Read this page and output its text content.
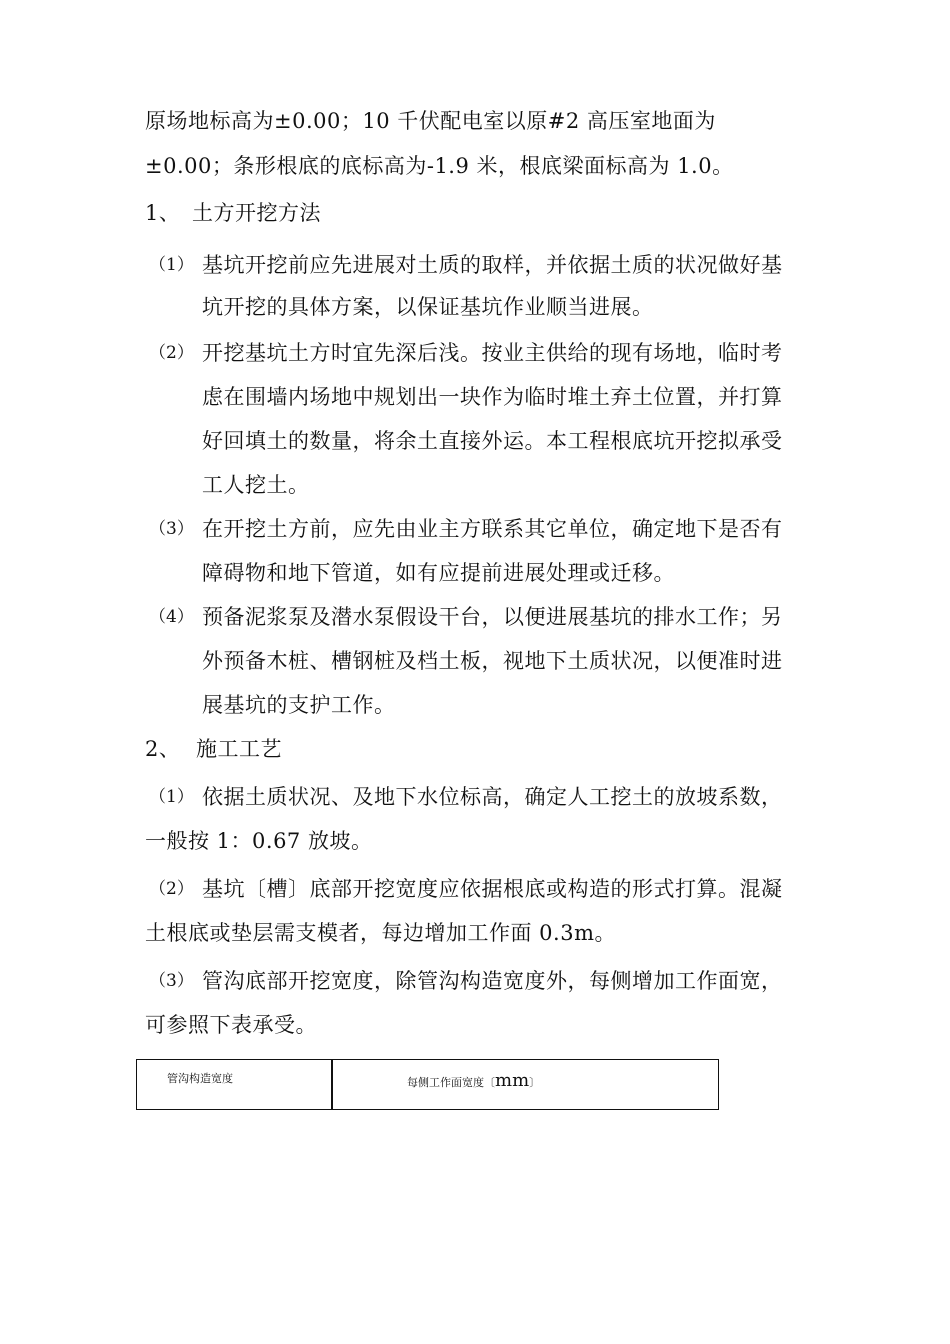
原场地标高为±0.00；10 千伏配电室以原#2 高压室地面为
±0.00；条形根底的底标高为-1.9 米，根底梁面标高为 1.0。
1、 土方开挖方法
（1） 基坑开挖前应先进展对土质的取样，并依据土质的状况做好基
坑开挖的具体方案，以保证基坑作业顺当进展。
（2） 开挖基坑土方时宜先深后浅。按业主供给的现有场地，临时考
虑在围墙内场地中规划出一块作为临时堆土弃土位置，并打算
好回填土的数量，将余土直接外运。本工程根底坑开挖拟承受
工人挖土。
（3） 在开挖土方前，应先由业主方联系其它单位，确定地下是否有
障碍物和地下管道，如有应提前进展处理或迁移。
（4） 预备泥浆泵及潜水泵假设干台，以便进展基坑的排水工作；另
外预备木桩、槽钢桩及档土板，视地下土质状况，以便准时进
展基坑的支护工作。
2、 施工工艺
（1） 依据土质状况、及地下水位标高，确定人工挖土的放坡系数，
一般按 1：0.67 放坡。
（2） 基坑〔槽〕底部开挖宽度应依据根底或构造的形式打算。混凝
土根底或垫层需支模者，每边增加工作面 0.3m。
（3） 管沟底部开挖宽度，除管沟构造宽度外，每侧增加工作面宽，
可参照下表承受。
管沟构造宽度	每侧工作面宽度〔mm〕
